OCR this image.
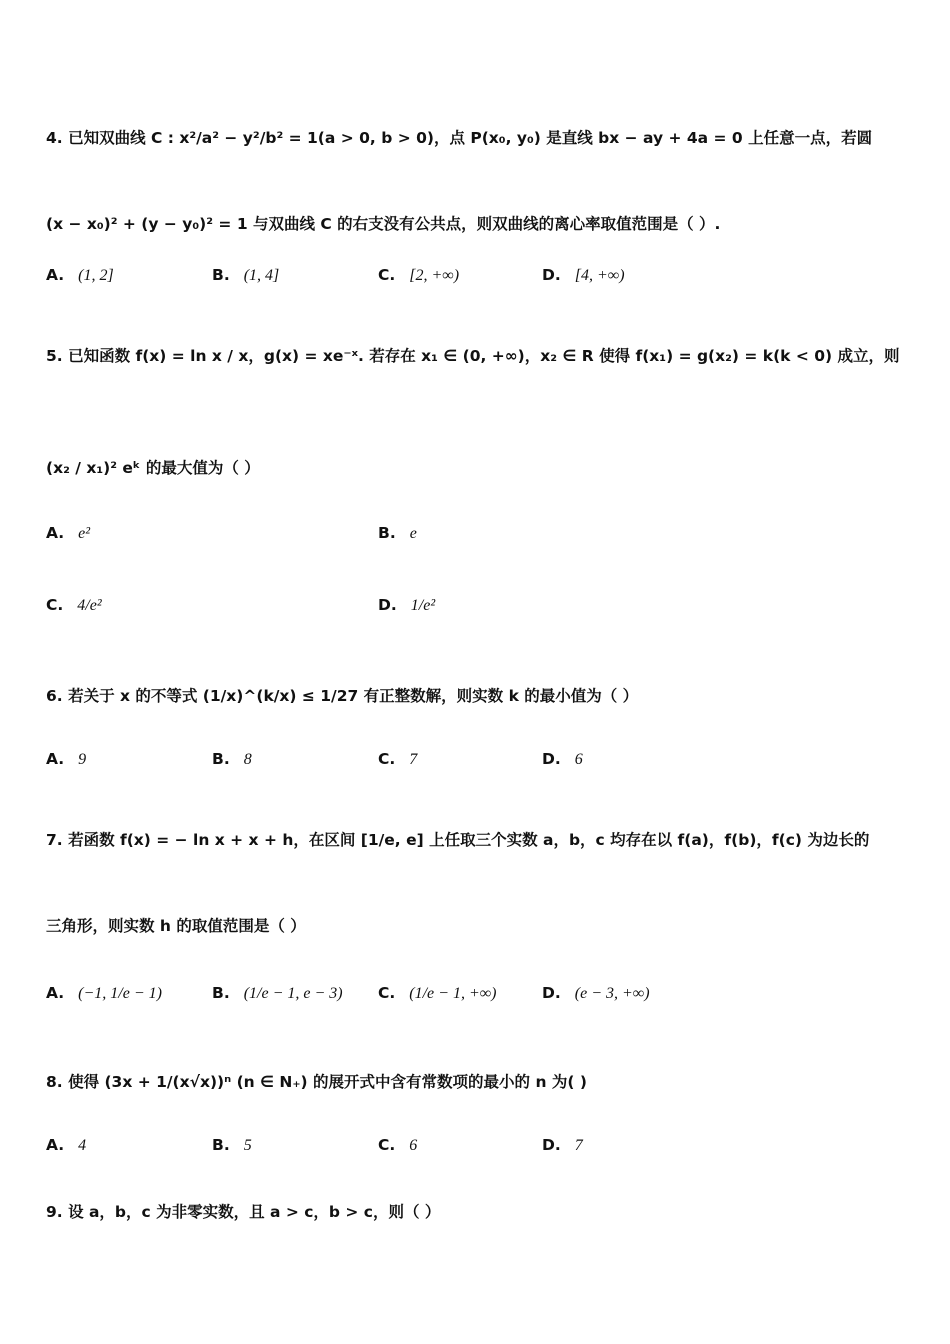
4. 已知双曲线 C : x²/a² − y²/b² = 1(a > 0, b > 0)，点 P(x₀, y₀) 是直线 bx − ay + 4a = 0 上任意一点，若圆
(x − x₀)² + (y − y₀)² = 1 与双曲线 C 的右支没有公共点，则双曲线的离心率取值范围是（ ）.
A. (1, 2]	B. (1, 4]	C. [2, +∞)	D. [4, +∞)
5. 已知函数 f(x) = ln x / x，g(x) = xe⁻ˣ. 若存在 x₁ ∈ (0, +∞)，x₂ ∈ R 使得 f(x₁) = g(x₂) = k(k < 0) 成立，则
(x₂ / x₁)² eᵏ 的最大值为（ ）
A. e²	B. e
C. 4/e²	D. 1/e²
6. 若关于 x 的不等式 (1/x)^(k/x) ≤ 1/27 有正整数解，则实数 k 的最小值为（ ）
A. 9	B. 8	C. 7	D. 6
7. 若函数 f(x) = − ln x + x + h，在区间 [1/e, e] 上任取三个实数 a，b，c 均存在以 f(a)，f(b)，f(c) 为边长的
三角形，则实数 h 的取值范围是（ ）
A. (−1, 1/e − 1)	B. (1/e − 1, e − 3) C. (1/e − 1, +∞)	D. (e − 3, +∞)
8. 使得 (3x + 1/(x√x))ⁿ (n ∈ N₊) 的展开式中含有常数项的最小的 n 为( )
A. 4	B. 5	C. 6	D. 7
9. 设 a，b，c 为非零实数，且 a > c，b > c，则（ ）
